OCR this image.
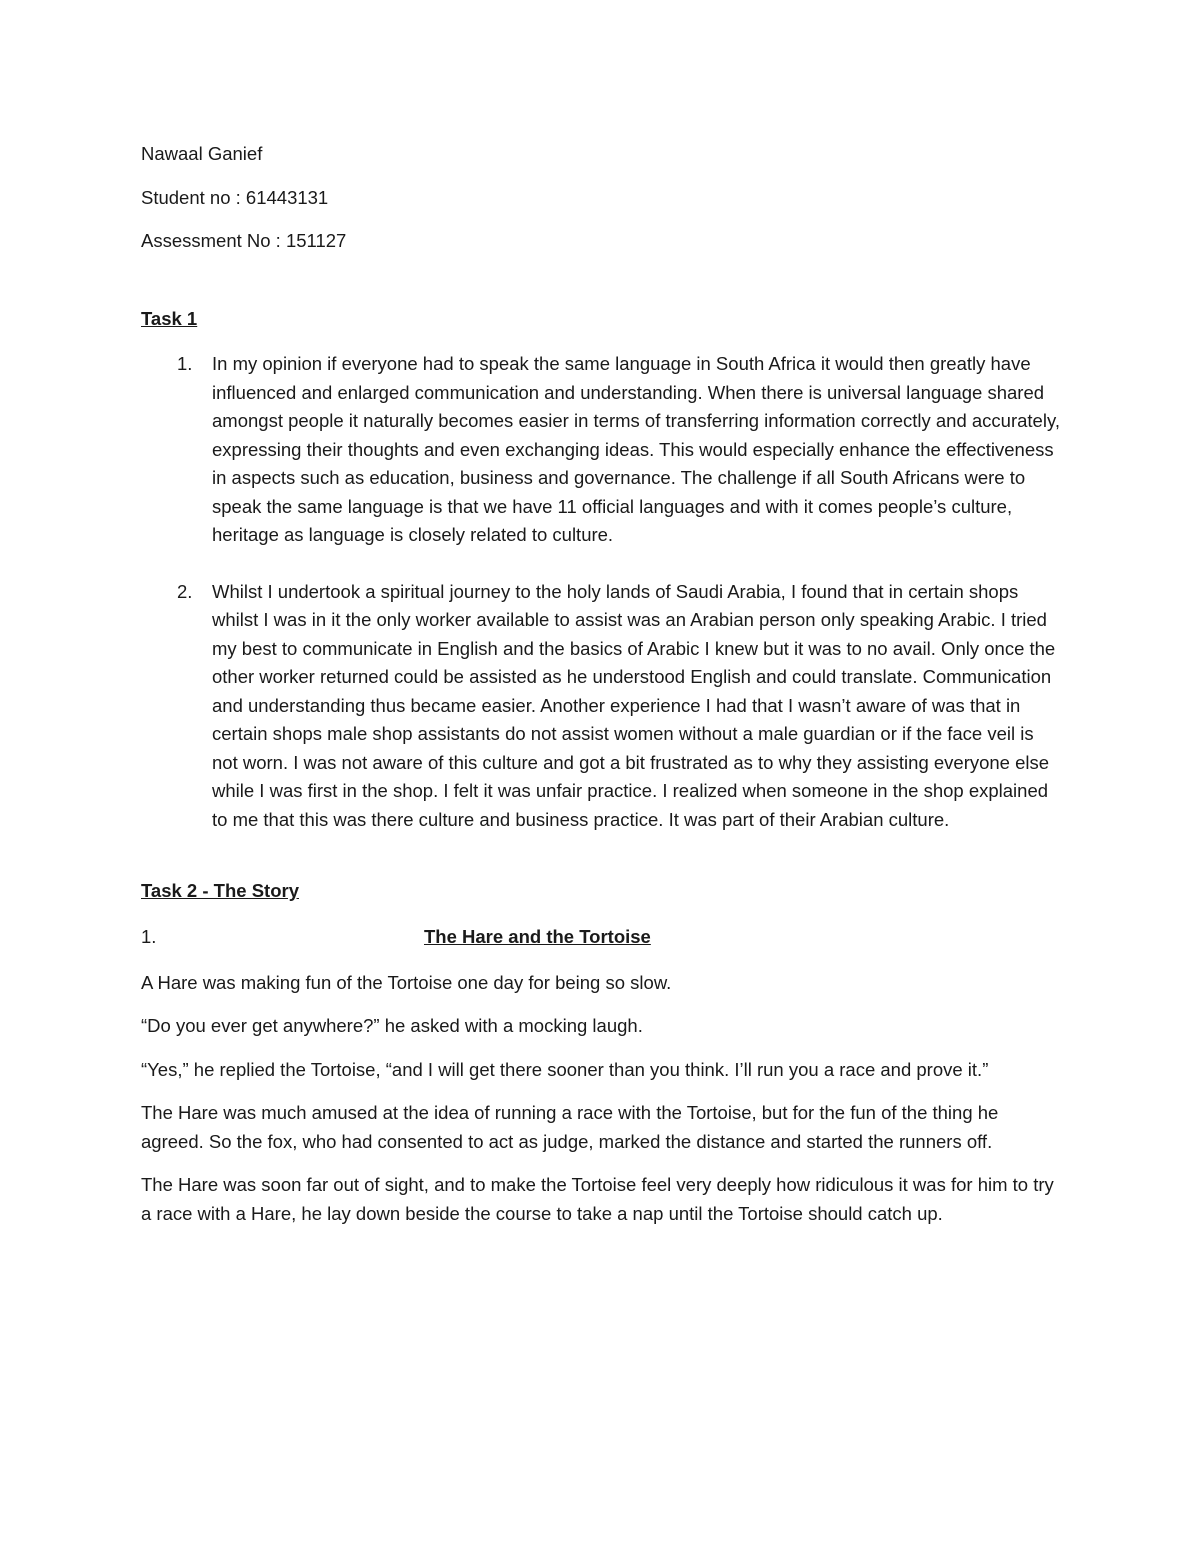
Nawaal Ganief

Student no : 61443131

Assessment No : 151127

Task 1

1. In my opinion if everyone had to speak the same language in South Africa it would then greatly have influenced and enlarged communication and understanding. When there is universal language shared amongst people it naturally becomes easier in terms of transferring information correctly and accurately, expressing their thoughts and even exchanging ideas. This would especially enhance the effectiveness in aspects such as education, business and governance. The challenge if all South Africans were to speak the same language is that we have 11 official languages and with it comes people’s culture, heritage as language is closely related to culture.
2. Whilst I undertook a spiritual journey to the holy lands of Saudi Arabia, I found that in certain shops whilst I was in it the only worker available to assist was an Arabian person only speaking Arabic. I tried my best to communicate in English and the basics of Arabic I knew but it was to no avail. Only once the other worker returned could be assisted as he understood English and could translate. Communication and understanding thus became easier. Another experience I had that I wasn’t aware of was that in certain shops male shop assistants do not assist women without a male guardian or if the face veil is not worn. I was not aware of this culture and got a bit frustrated as to why they assisting everyone else while I was first in the shop. I felt it was unfair practice. I realized when someone in the shop explained to me that this was there culture and business practice. It was part of their Arabian culture.

Task 2 - The Story

1.	The Hare and the Tortoise

A Hare was making fun of the Tortoise one day for being so slow.

“Do you ever get anywhere?” he asked with a mocking laugh.

“Yes,” he replied the Tortoise, “and I will get there sooner than you think. I’ll run you a race and prove it.”

The Hare was much amused at the idea of running a race with the Tortoise, but for the fun of the thing he agreed. So the fox, who had consented to act as judge, marked the distance and started the runners off.

The Hare was soon far out of sight, and to make the Tortoise feel very deeply how ridiculous it was for him to try a race with a Hare, he lay down beside the course to take a nap until the Tortoise should catch up.
